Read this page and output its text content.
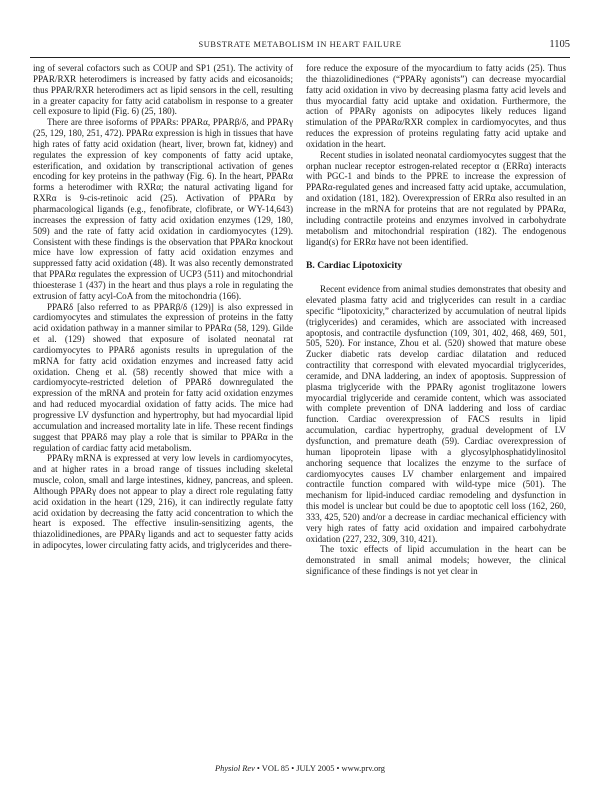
SUBSTRATE METABOLISM IN HEART FAILURE	1105

ing of several cofactors such as COUP and SP1 (251). The activity of PPAR/RXR heterodimers is increased by fatty acids and eicosanoids; thus PPAR/RXR heterodimers act as lipid sensors in the cell, resulting in a greater capacity for fatty acid catabolism in response to a greater cell exposure to lipid (Fig. 6) (25, 180).

There are three isoforms of PPARs: PPARα, PPARβ/δ, and PPARγ (25, 129, 180, 251, 472). PPARα expression is high in tissues that have high rates of fatty acid oxidation (heart, liver, brown fat, kidney) and regulates the expression of key components of fatty acid uptake, esterification, and oxidation by transcriptional activation of genes encoding for key proteins in the pathway (Fig. 6). In the heart, PPARα forms a heterodimer with RXRα; the natural activating ligand for RXRα is 9-cis-retinoic acid (25). Activation of PPARα by pharmacological ligands (e.g., fenofibrate, clofibrate, or WY-14,643) increases the expression of fatty acid oxidation enzymes (129, 180, 509) and the rate of fatty acid oxidation in cardiomyocytes (129). Consistent with these findings is the observation that PPARα knockout mice have low expression of fatty acid oxidation enzymes and suppressed fatty acid oxidation (48). It was also recently demonstrated that PPARα regulates the expression of UCP3 (511) and mitochondrial thioesterase 1 (437) in the heart and thus plays a role in regulating the extrusion of fatty acyl-CoA from the mitochondria (166).

PPARδ [also referred to as PPARβ/δ (129)] is also expressed in cardiomyocytes and stimulates the expression of proteins in the fatty acid oxidation pathway in a manner similar to PPARα (58, 129). Gilde et al. (129) showed that exposure of isolated neonatal rat cardiomyocytes to PPARδ agonists results in upregulation of the mRNA for fatty acid oxidation enzymes and increased fatty acid oxidation. Cheng et al. (58) recently showed that mice with a cardiomyocyte-restricted deletion of PPARδ downregulated the expression of the mRNA and protein for fatty acid oxidation enzymes and had reduced myocardial oxidation of fatty acids. The mice had progressive LV dysfunction and hypertrophy, but had myocardial lipid accumulation and increased mortality late in life. These recent findings suggest that PPARδ may play a role that is similar to PPARα in the regulation of cardiac fatty acid metabolism.

PPARγ mRNA is expressed at very low levels in cardiomyocytes, and at higher rates in a broad range of tissues including skeletal muscle, colon, small and large intestines, kidney, pancreas, and spleen. Although PPARγ does not appear to play a direct role regulating fatty acid oxidation in the heart (129, 216), it can indirectly regulate fatty acid oxidation by decreasing the fatty acid concentration to which the heart is exposed. The effective insulin-sensitizing agents, the thiazolidinediones, are PPARγ ligands and act to sequester fatty acids in adipocytes, lower circulating fatty acids, and triglycerides and there-

fore reduce the exposure of the myocardium to fatty acids (25). Thus the thiazolidinediones (“PPARγ agonists”) can decrease myocardial fatty acid oxidation in vivo by decreasing plasma fatty acid levels and thus myocardial fatty acid uptake and oxidation. Furthermore, the action of PPARγ agonists on adipocytes likely reduces ligand stimulation of the PPARα/RXR complex in cardiomyocytes, and thus reduces the expression of proteins regulating fatty acid uptake and oxidation in the heart.

Recent studies in isolated neonatal cardiomyocytes suggest that the orphan nuclear receptor estrogen-related receptor α (ERRα) interacts with PGC-1 and binds to the PPRE to increase the expression of PPARα-regulated genes and increased fatty acid uptake, accumulation, and oxidation (181, 182). Overexpression of ERRα also resulted in an increase in the mRNA for proteins that are not regulated by PPARα, including contractile proteins and enzymes involved in carbohydrate metabolism and mitochondrial respiration (182). The endogenous ligand(s) for ERRα have not been identified.

B. Cardiac Lipotoxicity

Recent evidence from animal studies demonstrates that obesity and elevated plasma fatty acid and triglycerides can result in a cardiac specific “lipotoxicity,” characterized by accumulation of neutral lipids (triglycerides) and ceramides, which are associated with increased apoptosis, and contractile dysfunction (109, 301, 402, 468, 469, 501, 505, 520). For instance, Zhou et al. (520) showed that mature obese Zucker diabetic rats develop cardiac dilatation and reduced contractility that correspond with elevated myocardial triglycerides, ceramide, and DNA laddering, an index of apoptosis. Suppression of plasma triglyceride with the PPARγ agonist troglitazone lowers myocardial triglyceride and ceramide content, which was associated with complete prevention of DNA laddering and loss of cardiac function. Cardiac overexpression of FACS results in lipid accumulation, cardiac hypertrophy, gradual development of LV dysfunction, and premature death (59). Cardiac overexpression of human lipoprotein lipase with a glycosylphosphatidylinositol anchoring sequence that localizes the enzyme to the surface of cardiomyocytes causes LV chamber enlargement and impaired contractile function compared with wild-type mice (501). The mechanism for lipid-induced cardiac remodeling and dysfunction in this model is unclear but could be due to apoptotic cell loss (162, 260, 333, 425, 520) and/or a decrease in cardiac mechanical efficiency with very high rates of fatty acid oxidation and impaired carbohydrate oxidation (227, 232, 309, 310, 421).

The toxic effects of lipid accumulation in the heart can be demonstrated in small animal models; however, the clinical significance of these findings is not yet clear in

Physiol Rev • VOL 85 • JULY 2005 • www.prv.org
